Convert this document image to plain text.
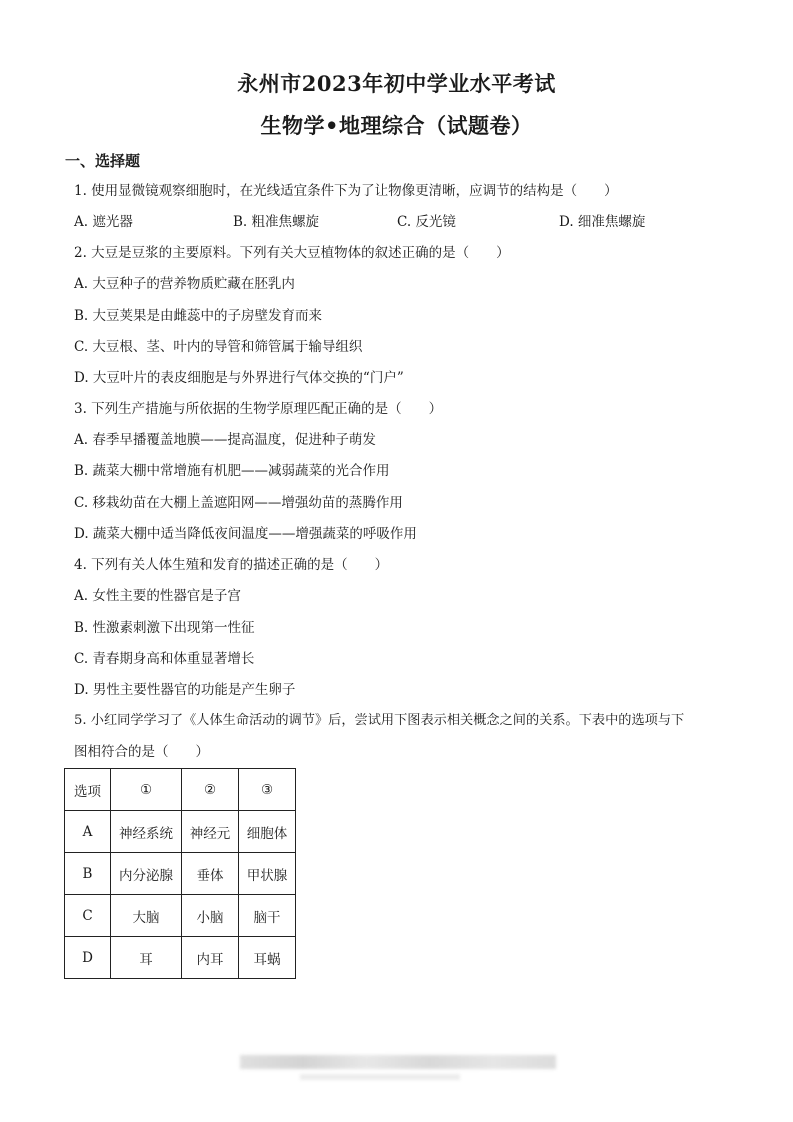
永州市2023年初中学业水平考试
生物学•地理综合（试题卷）
一、选择题
1. 使用显微镜观察细胞时，在光线适宜条件下为了让物像更清晰，应调节的结构是（　　）
A. 遮光器	B. 粗准焦螺旋	C. 反光镜	D. 细准焦螺旋
2. 大豆是豆浆的主要原料。下列有关大豆植物体的叙述正确的是（　　）
A. 大豆种子的营养物质贮藏在胚乳内
B. 大豆荚果是由雌蕊中的子房壁发育而来
C. 大豆根、茎、叶内的导管和筛管属于输导组织
D. 大豆叶片的表皮细胞是与外界进行气体交换的“门户”
3. 下列生产措施与所依据的生物学原理匹配正确的是（　　）
A. 春季早播覆盖地膜——提高温度，促进种子萌发
B. 蔬菜大棚中常增施有机肥——减弱蔬菜的光合作用
C. 移栽幼苗在大棚上盖遮阳网——增强幼苗的蒸腾作用
D. 蔬菜大棚中适当降低夜间温度——增强蔬菜的呼吸作用
4. 下列有关人体生殖和发育的描述正确的是（　　）
A. 女性主要的性器官是子宫
B. 性激素刺激下出现第一性征
C. 青春期身高和体重显著增长
D. 男性主要性器官的功能是产生卵子
5. 小红同学学习了《人体生命活动的调节》后，尝试用下图表示相关概念之间的关系。下表中的选项与下
图相符合的是（　　）
选项	①	②	③
A	神经系统	神经元	细胞体
B	内分泌腺	垂体	甲状腺
C	大脑	小脑	脑干
D	耳	内耳	耳蜗
